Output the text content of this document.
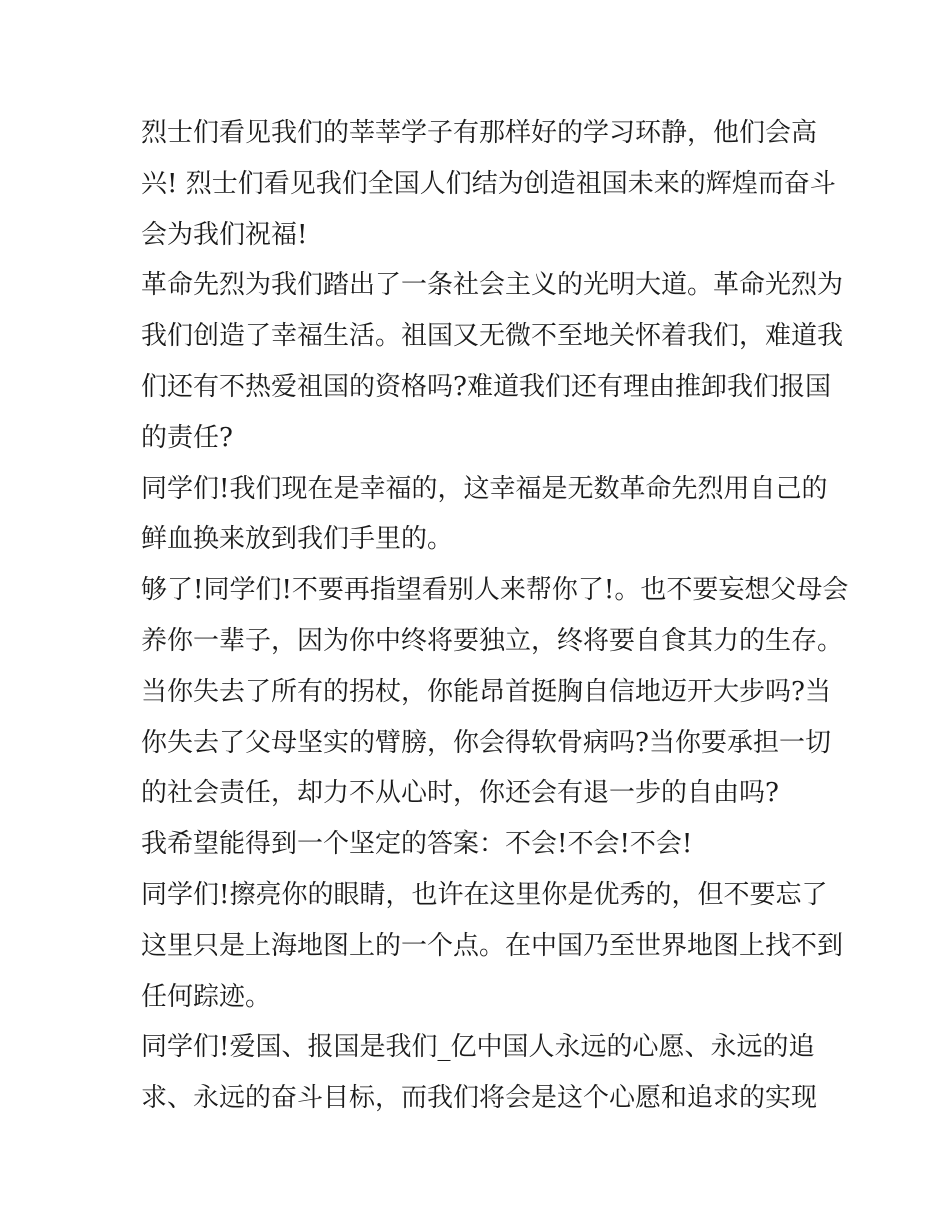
烈士们看见我们的莘莘学子有那样好的学习环静，他们会高
兴! 烈士们看见我们全国人们结为创造祖国未来的辉煌而奋斗
会为我们祝福!
革命先烈为我们踏出了一条社会主义的光明大道。革命光烈为
我们创造了幸福生活。祖国又无微不至地关怀着我们，难道我
们还有不热爱祖国的资格吗?难道我们还有理由推卸我们报国
的责任?
同学们!我们现在是幸福的，这幸福是无数革命先烈用自己的
鲜血换来放到我们手里的。
够了!同学们!不要再指望看别人来帮你了!。也不要妄想父母会
养你一辈子，因为你中终将要独立，终将要自食其力的生存。
当你失去了所有的拐杖，你能昂首挺胸自信地迈开大步吗?当
你失去了父母坚实的臂膀，你会得软骨病吗?当你要承担一切
的社会责任，却力不从心时，你还会有退一步的自由吗?
我希望能得到一个坚定的答案：不会!不会!不会!
同学们!擦亮你的眼睛，也许在这里你是优秀的，但不要忘了
这里只是上海地图上的一个点。在中国乃至世界地图上找不到
任何踪迹。
同学们!爱国、报国是我们_亿中国人永远的心愿、永远的追
求、永远的奋斗目标，而我们将会是这个心愿和追求的实现
